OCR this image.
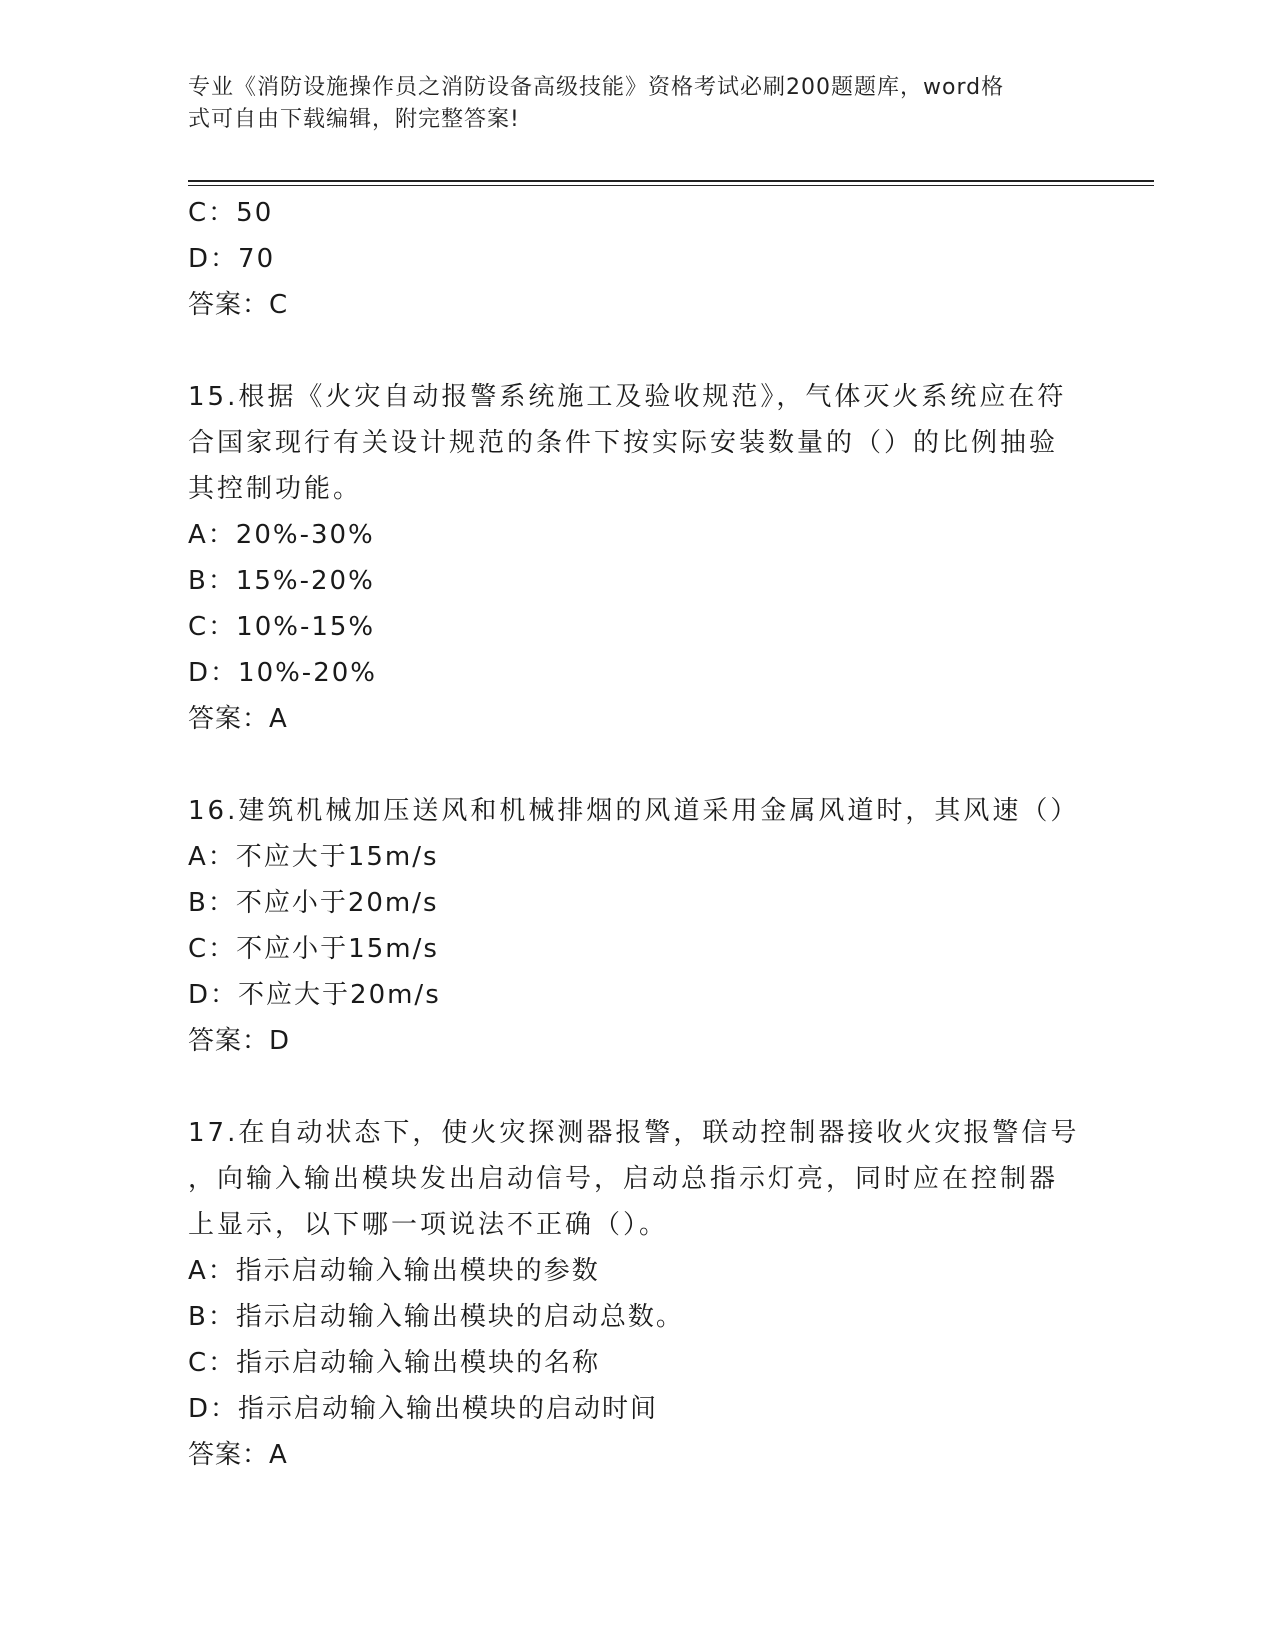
专业《消防设施操作员之消防设备高级技能》资格考试必刷200题题库，word格
式可自由下载编辑，附完整答案!
C：50
D：70
答案：C
15.根据《火灾自动报警系统施工及验收规范》，气体灭火系统应在符
合国家现行有关设计规范的条件下按实际安装数量的（）的比例抽验
其控制功能。
A：20%-30%
B：15%-20%
C：10%-15%
D：10%-20%
答案：A
16.建筑机械加压送风和机械排烟的风道采用金属风道时，其风速（）
A：不应大于15m/s
B：不应小于20m/s
C：不应小于15m/s
D：不应大于20m/s
答案：D
17.在自动状态下，使火灾探测器报警，联动控制器接收火灾报警信号
，向输入输出模块发出启动信号，启动总指示灯亮，同时应在控制器
上显示，以下哪一项说法不正确（）。
A：指示启动输入输出模块的参数
B：指示启动输入输出模块的启动总数。
C：指示启动输入输出模块的名称
D：指示启动输入输出模块的启动时间
答案：A
